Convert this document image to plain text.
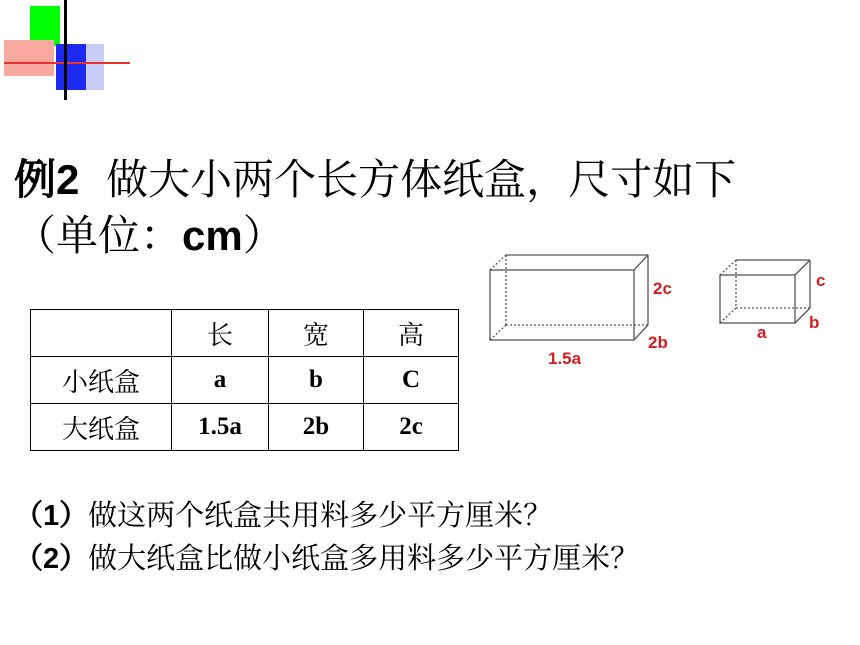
例2 做大小两个长方体纸盒，尺寸如下
（单位：cm）
	长	宽	高
小纸盒	a	b	C
大纸盒	1.5a	2b	2c
2c
2b
1.5a
c
b
a
（1）做这两个纸盒共用料多少平方厘米？
（2）做大纸盒比做小纸盒多用料多少平方厘米？
